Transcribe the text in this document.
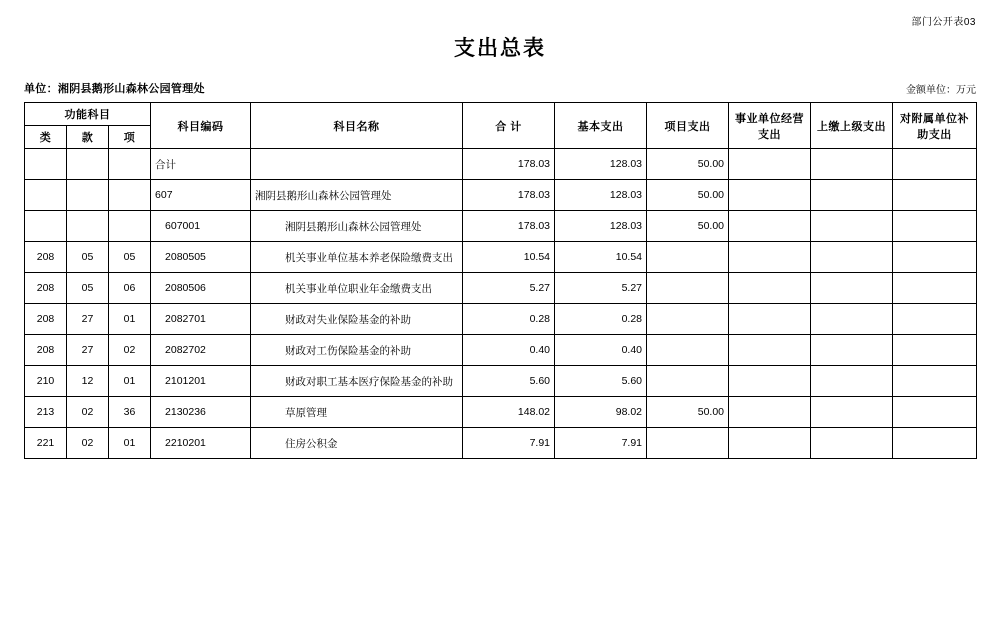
部门公开表03
支出总表
单位：湘阴县鹅形山森林公园管理处	金额单位：万元
功能科目			科目编码	科目名称	合 计	基本支出	项目支出	事业单位经营支出	上缴上级支出	对附属单位补助支出
类	款	项								
			合计		178.03	128.03	50.00			
			607	湘阴县鹅形山森林公园管理处	178.03	128.03	50.00			
			607001	湘阴县鹅形山森林公园管理处	178.03	128.03	50.00			
208	05	05	2080505	机关事业单位基本养老保险缴费支出	10.54	10.54				
208	05	06	2080506	机关事业单位职业年金缴费支出	5.27	5.27				
208	27	01	2082701	财政对失业保险基金的补助	0.28	0.28				
208	27	02	2082702	财政对工伤保险基金的补助	0.40	0.40				
210	12	01	2101201	财政对职工基本医疗保险基金的补助	5.60	5.60				
213	02	36	2130236	草原管理	148.02	98.02	50.00			
221	02	01	2210201	住房公积金	7.91	7.91				
